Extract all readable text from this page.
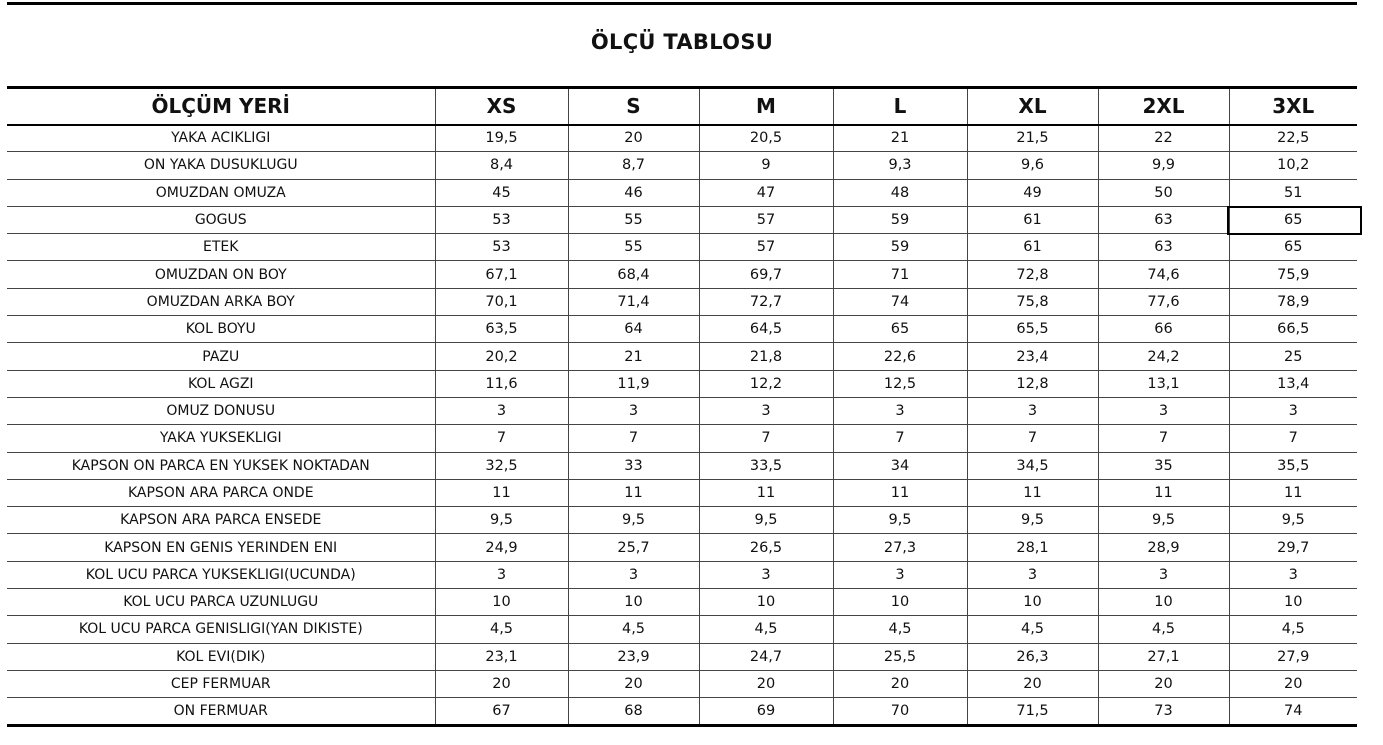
ÖLÇÜ TABLOSU
ÖLÇÜM YERİ	XS	S	M	L	XL	2XL	3XL
YAKA ACIKLIGI	19,5	20	20,5	21	21,5	22	22,5
ON YAKA DUSUKLUGU	8,4	8,7	9	9,3	9,6	9,9	10,2
OMUZDAN OMUZA	45	46	47	48	49	50	51
GOGUS	53	55	57	59	61	63	65
ETEK	53	55	57	59	61	63	65
OMUZDAN ON BOY	67,1	68,4	69,7	71	72,8	74,6	75,9
OMUZDAN ARKA BOY	70,1	71,4	72,7	74	75,8	77,6	78,9
KOL BOYU	63,5	64	64,5	65	65,5	66	66,5
PAZU	20,2	21	21,8	22,6	23,4	24,2	25
KOL AGZI	11,6	11,9	12,2	12,5	12,8	13,1	13,4
OMUZ DONUSU	3	3	3	3	3	3	3
YAKA YUKSEKLIGI	7	7	7	7	7	7	7
KAPSON ON PARCA EN YUKSEK NOKTADAN	32,5	33	33,5	34	34,5	35	35,5
KAPSON ARA PARCA ONDE	11	11	11	11	11	11	11
KAPSON ARA PARCA ENSEDE	9,5	9,5	9,5	9,5	9,5	9,5	9,5
KAPSON EN GENIS YERINDEN ENI	24,9	25,7	26,5	27,3	28,1	28,9	29,7
KOL UCU PARCA YUKSEKLIGI(UCUNDA)	3	3	3	3	3	3	3
KOL UCU PARCA UZUNLUGU	10	10	10	10	10	10	10
KOL UCU PARCA GENISLIGI(YAN DIKISTE)	4,5	4,5	4,5	4,5	4,5	4,5	4,5
KOL EVI(DIK)	23,1	23,9	24,7	25,5	26,3	27,1	27,9
CEP FERMUAR	20	20	20	20	20	20	20
ON FERMUAR	67	68	69	70	71,5	73	74
